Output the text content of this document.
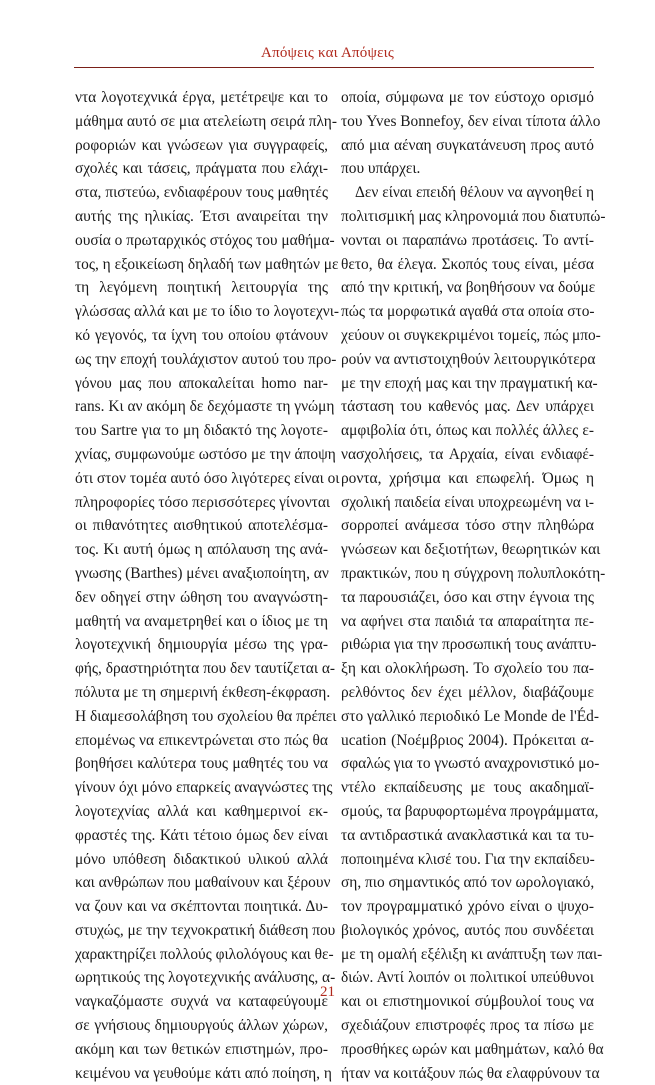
Απόψεις και Απόψεις
ντα λογοτεχνικά έργα, μετέτρεψε και το
μάθημα αυτό σε μια ατελείωτη σειρά πλη-
ροφοριών και γνώσεων για συγγραφείς,
σχολές και τάσεις, πράγματα που ελάχι-
στα, πιστεύω, ενδιαφέρουν τους μαθητές
αυτής της ηλικίας. Έτσι αναιρείται την
ουσία ο πρωταρχικός στόχος του μαθήμα-
τος, η εξοικείωση δηλαδή των μαθητών με
τη λεγόμενη ποιητική λειτουργία της
γλώσσας αλλά και με το ίδιο το λογοτεχνι-
κό γεγονός, τα ίχνη του οποίου φτάνουν
ως την εποχή τουλάχιστον αυτού του προ-
γόνου μας που αποκαλείται homo nar-
rans. Κι αν ακόμη δε δεχόμαστε τη γνώμη
του Sartre για το μη διδακτό της λογοτε-
χνίας, συμφωνούμε ωστόσο με την άποψη
ότι στον τομέα αυτό όσο λιγότερες είναι οι
πληροφορίες τόσο περισσότερες γίνονται
οι πιθανότητες αισθητικού αποτελέσμα-
τος. Κι αυτή όμως η απόλαυση της ανά-
γνωσης (Barthes) μένει αναξιοποίητη, αν
δεν οδηγεί στην ώθηση του αναγνώστη-
μαθητή να αναμετρηθεί και ο ίδιος με τη
λογοτεχνική δημιουργία μέσω της γρα-
φής, δραστηριότητα που δεν ταυτίζεται α-
πόλυτα με τη σημερινή έκθεση-έκφραση.
Η διαμεσολάβηση του σχολείου θα πρέπει
επομένως να επικεντρώνεται στο πώς θα
βοηθήσει καλύτερα τους μαθητές του να
γίνουν όχι μόνο επαρκείς αναγνώστες της
λογοτεχνίας αλλά και καθημερινοί εκ-
φραστές της. Κάτι τέτοιο όμως δεν είναι
μόνο υπόθεση διδακτικού υλικού αλλά
και ανθρώπων που μαθαίνουν και ξέρουν
να ζουν και να σκέπτονται ποιητικά. Δυ-
στυχώς, με την τεχνοκρατική διάθεση που
χαρακτηρίζει πολλούς φιλολόγους και θε-
ωρητικούς της λογοτεχνικής ανάλυσης, α-
ναγκαζόμαστε συχνά να καταφεύγουμε
σε γνήσιους δημιουργούς άλλων χώρων,
ακόμη και των θετικών επιστημών, προ-
κειμένου να γευθούμε κάτι από ποίηση, η
οποία, σύμφωνα με τον εύστοχο ορισμό
του Yves Bonnefoy, δεν είναι τίποτα άλλο
από μια αέναη συγκατάνευση προς αυτό
που υπάρχει.
Δεν είναι επειδή θέλουν να αγνοηθεί η
πολιτισμική μας κληρονομιά που διατυπώ-
νονται οι παραπάνω προτάσεις. Το αντί-
θετο, θα έλεγα. Σκοπός τους είναι, μέσα
από την κριτική, να βοηθήσουν να δούμε
πώς τα μορφωτικά αγαθά στα οποία στο-
χεύουν οι συγκεκριμένοι τομείς, πώς μπο-
ρούν να αντιστοιχηθούν λειτουργικότερα
με την εποχή μας και την πραγματική κα-
τάσταση του καθενός μας. Δεν υπάρχει
αμφιβολία ότι, όπως και πολλές άλλες ε-
νασχολήσεις, τα Αρχαία, είναι ενδιαφέ-
ροντα, χρήσιμα και επωφελή. Όμως η
σχολική παιδεία είναι υποχρεωμένη να ι-
σορροπεί ανάμεσα τόσο στην πληθώρα
γνώσεων και δεξιοτήτων, θεωρητικών και
πρακτικών, που η σύγχρονη πολυπλοκότη-
τα παρουσιάζει, όσο και στην έγνοια της
να αφήνει στα παιδιά τα απαραίτητα πε-
ριθώρια για την προσωπική τους ανάπτυ-
ξη και ολοκλήρωση. Το σχολείο του πα-
ρελθόντος δεν έχει μέλλον, διαβάζουμε
στο γαλλικό περιοδικό Le Monde de l'Éd-
ucation (Νοέμβριος 2004). Πρόκειται α-
σφαλώς για το γνωστό αναχρονιστικό μο-
ντέλο εκπαίδευσης με τους ακαδημαϊ-
σμούς, τα βαρυφορτωμένα προγράμματα,
τα αντιδραστικά ανακλαστικά και τα τυ-
ποποιημένα κλισέ του. Για την εκπαίδευ-
ση, πιο σημαντικός από τον ωρολογιακό,
τον προγραμματικό χρόνο είναι ο ψυχο-
βιολογικός χρόνος, αυτός που συνδέεται
με τη ομαλή εξέλιξη κι ανάπτυξη των παι-
διών. Αντί λοιπόν οι πολιτικοί υπεύθυνοι
και οι επιστημονικοί σύμβουλοί τους να
σχεδιάζουν επιστροφές προς τα πίσω με
προσθήκες ωρών και μαθημάτων, καλό θα
ήταν να κοιτάξουν πώς θα ελαφρύνουν τα
21
